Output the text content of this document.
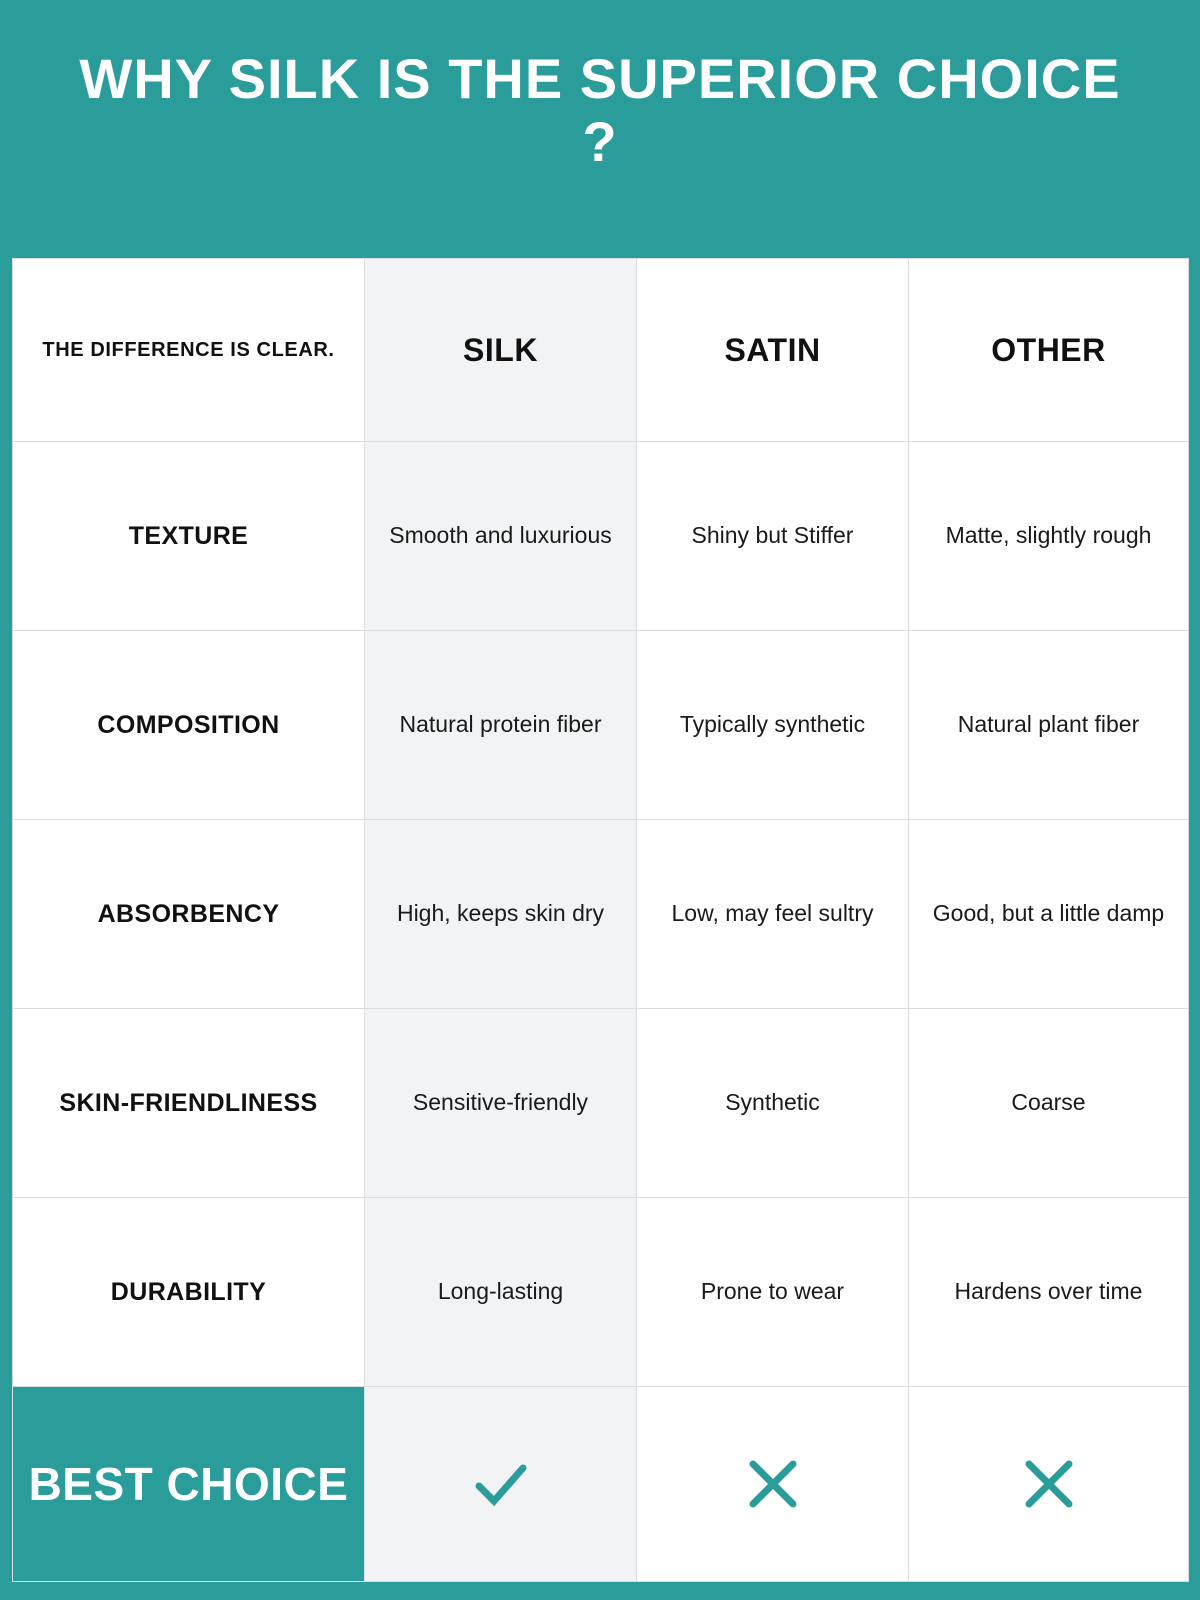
WHY SILK IS THE SUPERIOR CHOICE ?
THE DIFFERENCE IS CLEAR.	SILK	SATIN	OTHER
TEXTURE	Smooth and luxurious	Shiny but Stiffer	Matte, slightly rough
COMPOSITION	Natural protein fiber	Typically synthetic	Natural plant fiber
ABSORBENCY	High, keeps skin dry	Low, may feel sultry	Good, but a little damp
SKIN-FRIENDLINESS	Sensitive-friendly	Synthetic	Coarse
DURABILITY	Long-lasting	Prone to wear	Hardens over time
BEST CHOICE	
